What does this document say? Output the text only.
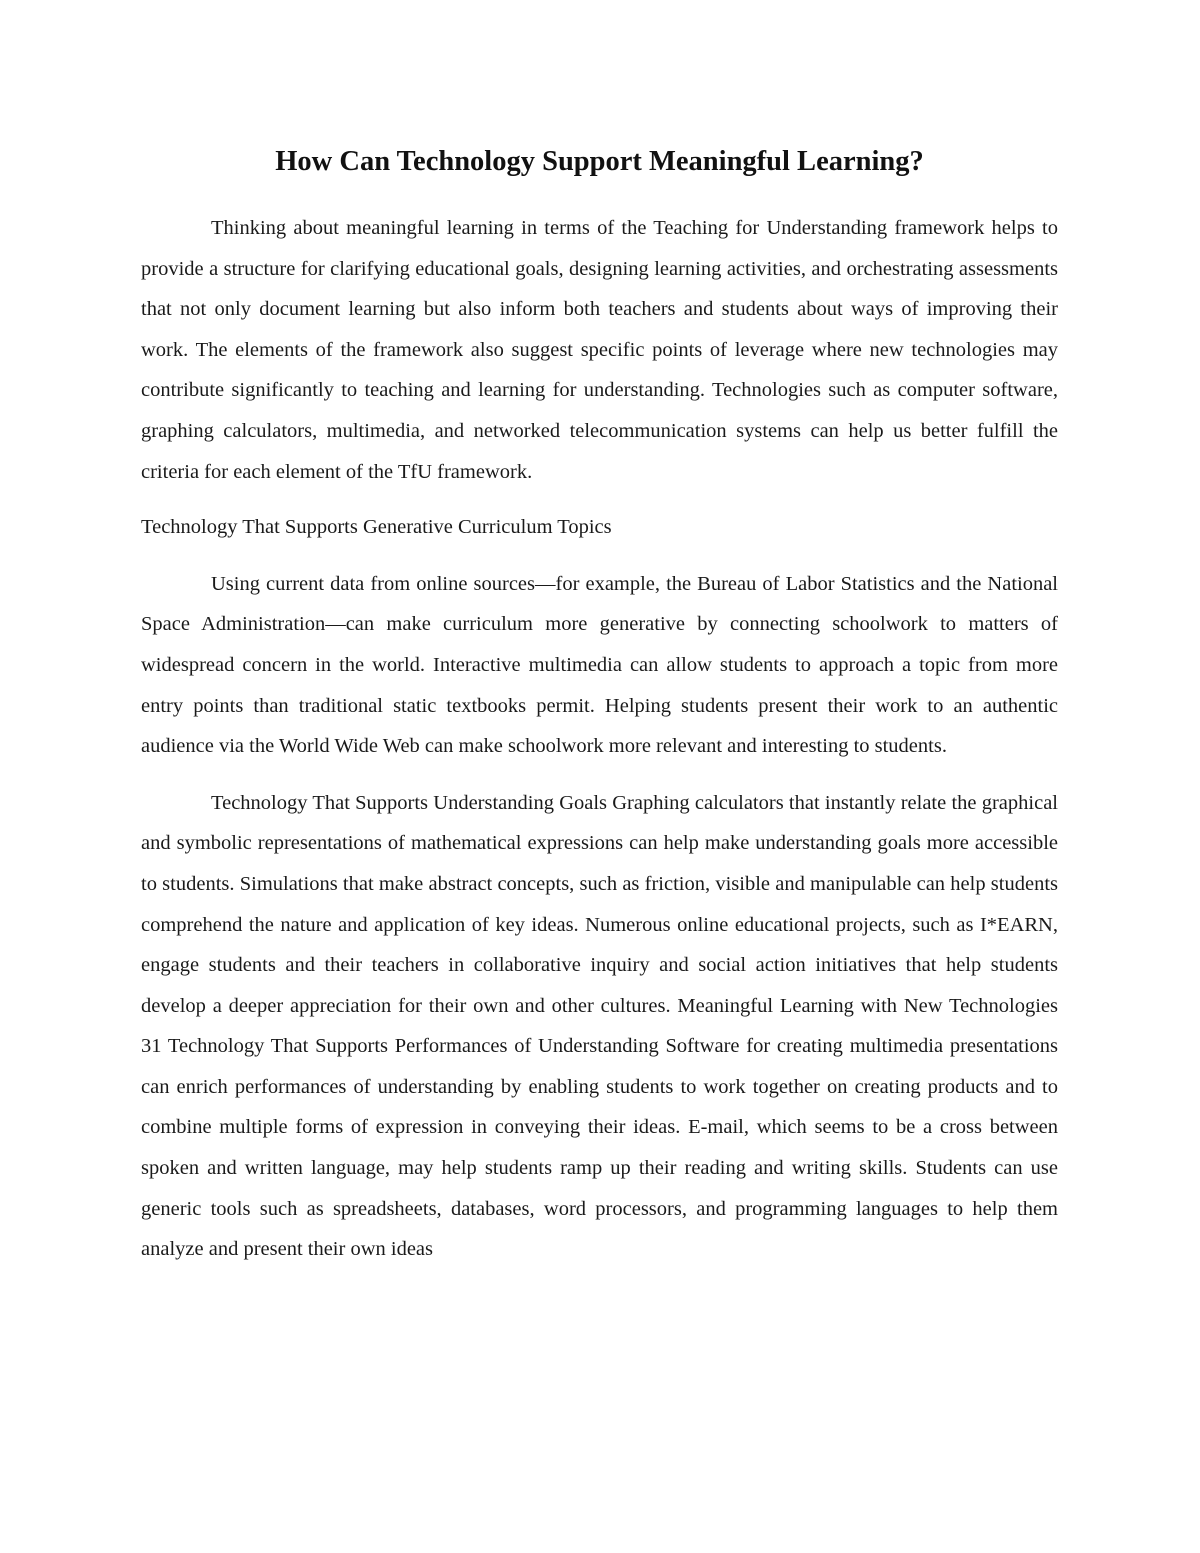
How Can Technology Support Meaningful Learning?

Thinking about meaningful learning in terms of the Teaching for Understanding framework helps to provide a structure for clarifying educational goals, designing learning activities, and orchestrating assessments that not only document learning but also inform both teachers and students about ways of improving their work. The elements of the framework also suggest specific points of leverage where new technologies may contribute significantly to teaching and learning for understanding. Technologies such as computer software, graphing calculators, multimedia, and networked telecommunication systems can help us better fulfill the criteria for each element of the TfU framework.

Technology That Supports Generative Curriculum Topics

Using current data from online sources—for example, the Bureau of Labor Statistics and the National Space Administration—can make curriculum more generative by connecting schoolwork to matters of widespread concern in the world. Interactive multimedia can allow students to approach a topic from more entry points than traditional static textbooks permit. Helping students present their work to an authentic audience via the World Wide Web can make schoolwork more relevant and interesting to students.

Technology That Supports Understanding Goals Graphing calculators that instantly relate the graphical and symbolic representations of mathematical expressions can help make understanding goals more accessible to students. Simulations that make abstract concepts, such as friction, visible and manipulable can help students comprehend the nature and application of key ideas. Numerous online educational projects, such as I*EARN, engage students and their teachers in collaborative inquiry and social action initiatives that help students develop a deeper appreciation for their own and other cultures. Meaningful Learning with New Technologies 31 Technology That Supports Performances of Understanding Software for creating multimedia presentations can enrich performances of understanding by enabling students to work together on creating products and to combine multiple forms of expression in conveying their ideas. E-mail, which seems to be a cross between spoken and written language, may help students ramp up their reading and writing skills. Students can use generic tools such as spreadsheets, databases, word processors, and programming languages to help them analyze and present their own ideas
